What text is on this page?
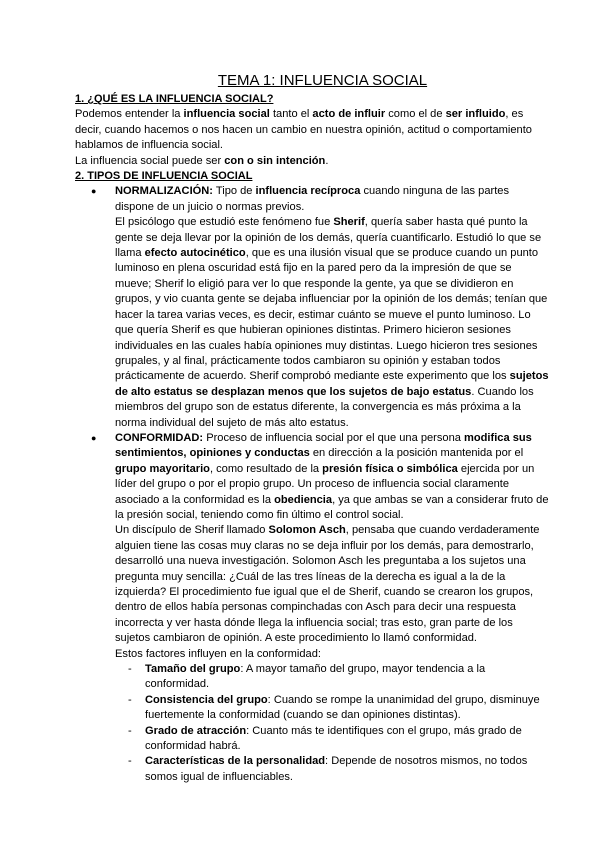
TEMA 1: INFLUENCIA SOCIAL

1. ¿QUÉ ES LA INFLUENCIA SOCIAL?

Podemos entender la influencia social tanto el acto de influir como el de ser influido, es decir, cuando hacemos o nos hacen un cambio en nuestra opinión, actitud o comportamiento hablamos de influencia social.

La influencia social puede ser con o sin intención.

2. TIPOS DE INFLUENCIA SOCIAL

● NORMALIZACIÓN: Tipo de influencia recíproca cuando ninguna de las partes dispone de un juicio o normas previos.

El psicólogo que estudió este fenómeno fue Sherif, quería saber hasta qué punto la gente se deja llevar por la opinión de los demás, quería cuantificarlo. Estudió lo que se llama efecto autocinético, que es una ilusión visual que se produce cuando un punto luminoso en plena oscuridad está fijo en la pared pero da la impresión de que se mueve; Sherif lo eligió para ver lo que responde la gente, ya que se dividieron en grupos, y vio cuanta gente se dejaba influenciar por la opinión de los demás; tenían que hacer la tarea varias veces, es decir, estimar cuánto se mueve el punto luminoso. Lo que quería Sherif es que hubieran opiniones distintas. Primero hicieron sesiones individuales en las cuales había opiniones muy distintas. Luego hicieron tres sesiones grupales, y al final, prácticamente todos cambiaron su opinión y estaban todos prácticamente de acuerdo. Sherif comprobó mediante este experimento que los sujetos de alto estatus se desplazan menos que los sujetos de bajo estatus. Cuando los miembros del grupo son de estatus diferente, la convergencia es más próxima a la norma individual del sujeto de más alto estatus.

● CONFORMIDAD: Proceso de influencia social por el que una persona modifica sus sentimientos, opiniones y conductas en dirección a la posición mantenida por el grupo mayoritario, como resultado de la presión física o simbólica ejercida por un líder del grupo o por el propio grupo. Un proceso de influencia social claramente asociado a la conformidad es la obediencia, ya que ambas se van a considerar fruto de la presión social, teniendo como fin último el control social.

Un discípulo de Sherif llamado Solomon Asch, pensaba que cuando verdaderamente alguien tiene las cosas muy claras no se deja influir por los demás, para demostrarlo, desarrolló una nueva investigación. Solomon Asch les preguntaba a los sujetos una pregunta muy sencilla: ¿Cuál de las tres líneas de la derecha es igual a la de la izquierda? El procedimiento fue igual que el de Sherif, cuando se crearon los grupos, dentro de ellos había personas compinchadas con Asch para decir una respuesta incorrecta y ver hasta dónde llega la influencia social; tras esto, gran parte de los sujetos cambiaron de opinión. A este procedimiento lo llamó conformidad.

Estos factores influyen en la conformidad:

- Tamaño del grupo: A mayor tamaño del grupo, mayor tendencia a la conformidad.
- Consistencia del grupo: Cuando se rompe la unanimidad del grupo, disminuye fuertemente la conformidad (cuando se dan opiniones distintas).
- Grado de atracción: Cuanto más te identifiques con el grupo, más grado de conformidad habrá.
- Características de la personalidad: Depende de nosotros mismos, no todos somos igual de influenciables.
